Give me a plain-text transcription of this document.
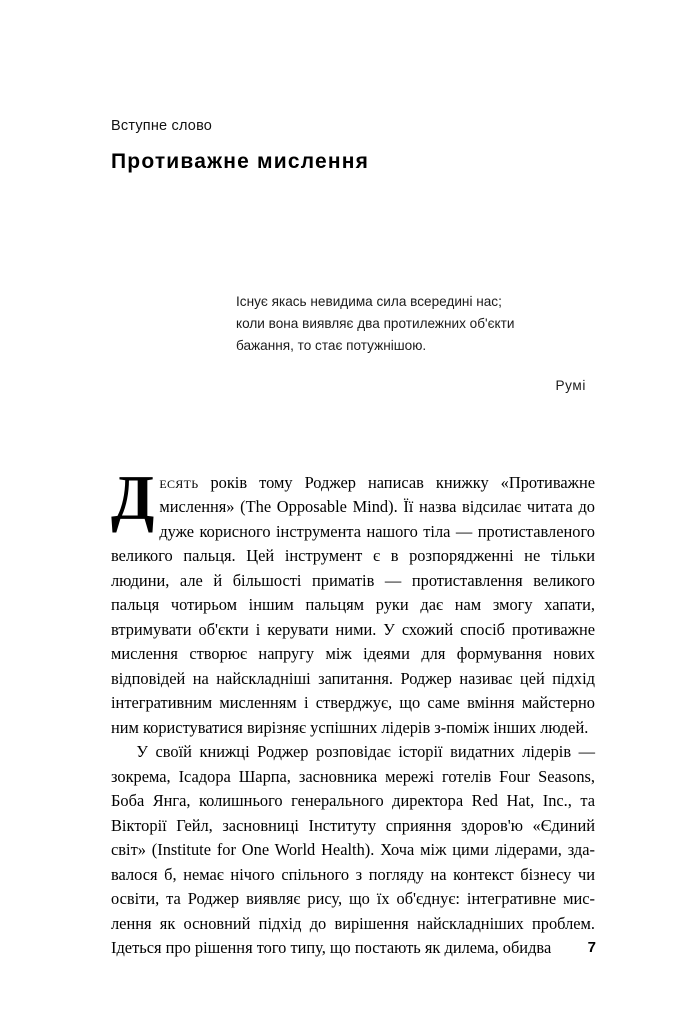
Вступне слово
Противажне мислення

Існує якась невидима сила всередині нас;

коли вона виявляє два протилежних об'єкти

бажання, то стає потужнішою.

Румі

Десять років тому Роджер написав книжку «Противажне мислення» (The Opposable Mind). Її назва відсилає читата до дуже корисного інструмента нашого тіла — протиставленого великого пальця. Цей інструмент є в розпорядженні не тільки людини, але й більшості приматів — протиставлення великого пальця чотирьом іншим пальцям руки дає нам змогу хапати, втримувати об'єкти і керувати ними. У схожий спосіб противажне мислення створює напругу між ідеями для формування нових відповідей на найскладніші запитання. Роджер називає цей підхід інтегративним мисленням і стверджує, що саме вміння майстерно ним користуватися вирізняє успішних лідерів з-поміж інших людей.

У своїй книжці Роджер розповідає історії видатних лідерів — зокрема, Ісадора Шарпа, засновника мережі готелів Four Seasons, Боба Янга, колишнього генерального директора Red Hat, Inc., та Вікторії Гейл, засновниці Інституту сприяння здоров'ю «Єдиний світ» (Institute for One World Health). Хоча між цими лідерами, здавалося б, немає нічого спільного з погляду на контекст бізнесу чи освіти, та Роджер виявляє рису, що їх об'єднує: інтегративне мислення як основний підхід до вирішення найскладніших проблем. Ідеться про рішення того типу, що постають як дилема, обидва	7
